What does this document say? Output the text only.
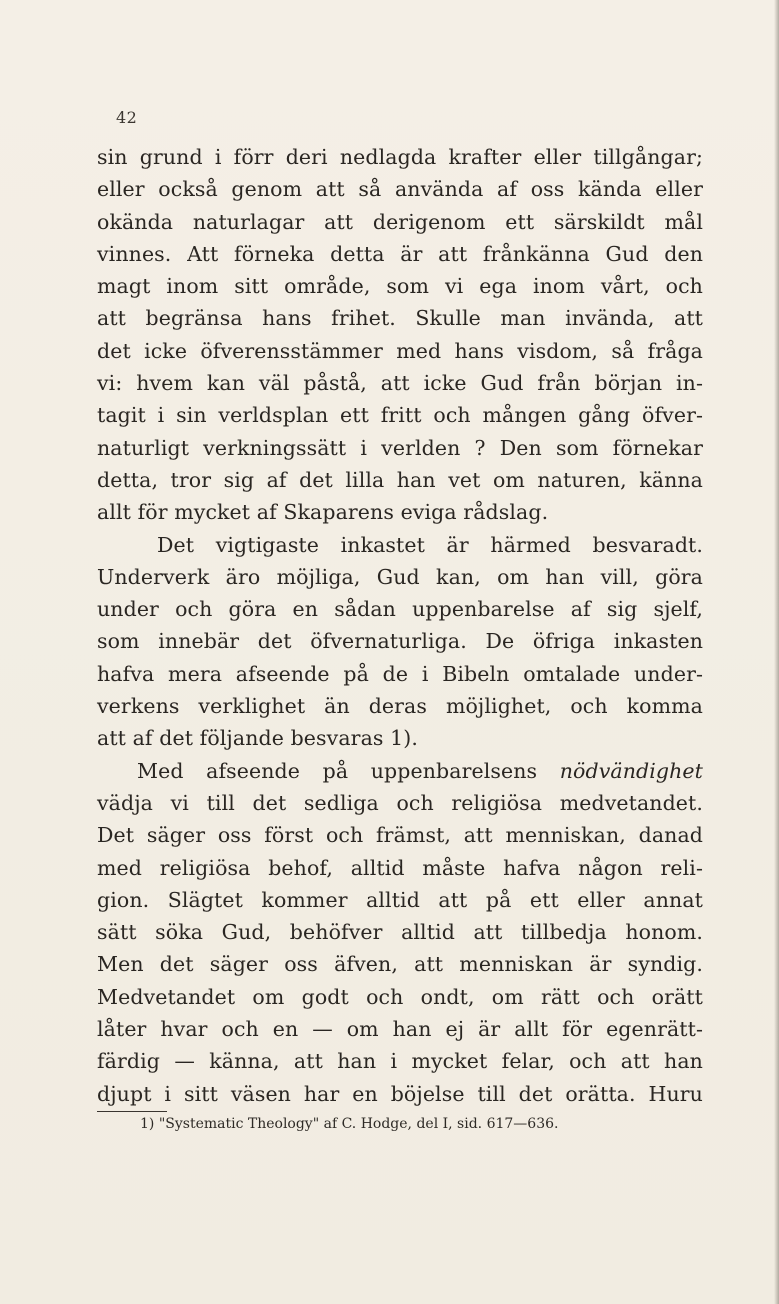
42
sin grund i förr deri nedlagda krafter eller tillgångar;
eller också genom att så använda af oss kända eller
okända naturlagar att derigenom ett särskildt mål
vinnes. Att förneka detta är att frånkänna Gud den
magt inom sitt område, som vi ega inom vårt, och
att begränsa hans frihet. Skulle man invända, att
det icke öfverensstämmer med hans visdom, så fråga
vi: hvem kan väl påstå, att icke Gud från början in-
tagit i sin verldsplan ett fritt och mången gång öfver-
naturligt verkningssätt i verlden ? Den som förnekar
detta, tror sig af det lilla han vet om naturen, känna
allt för mycket af Skaparens eviga rådslag.
Det vigtigaste inkastet är härmed besvaradt.
Underverk äro möjliga, Gud kan, om han vill, göra
under och göra en sådan uppenbarelse af sig sjelf,
som innebär det öfvernaturliga. De öfriga inkasten
hafva mera afseende på de i Bibeln omtalade under-
verkens verklighet än deras möjlighet, och komma
att af det följande besvaras 1).
Med afseende på uppenbarelsens nödvändighet
vädja vi till det sedliga och religiösa medvetandet.
Det säger oss först och främst, att menniskan, danad
med religiösa behof, alltid måste hafva någon reli-
gion. Slägtet kommer alltid att på ett eller annat
sätt söka Gud, behöfver alltid att tillbedja honom.
Men det säger oss äfven, att menniskan är syndig.
Medvetandet om godt och ondt, om rätt och orätt
låter hvar och en — om han ej är allt för egenrätt-
färdig — känna, att han i mycket felar, och att han
djupt i sitt väsen har en böjelse till det orätta. Huru
1) "Systematic Theology" af C. Hodge, del I, sid. 617—636.
